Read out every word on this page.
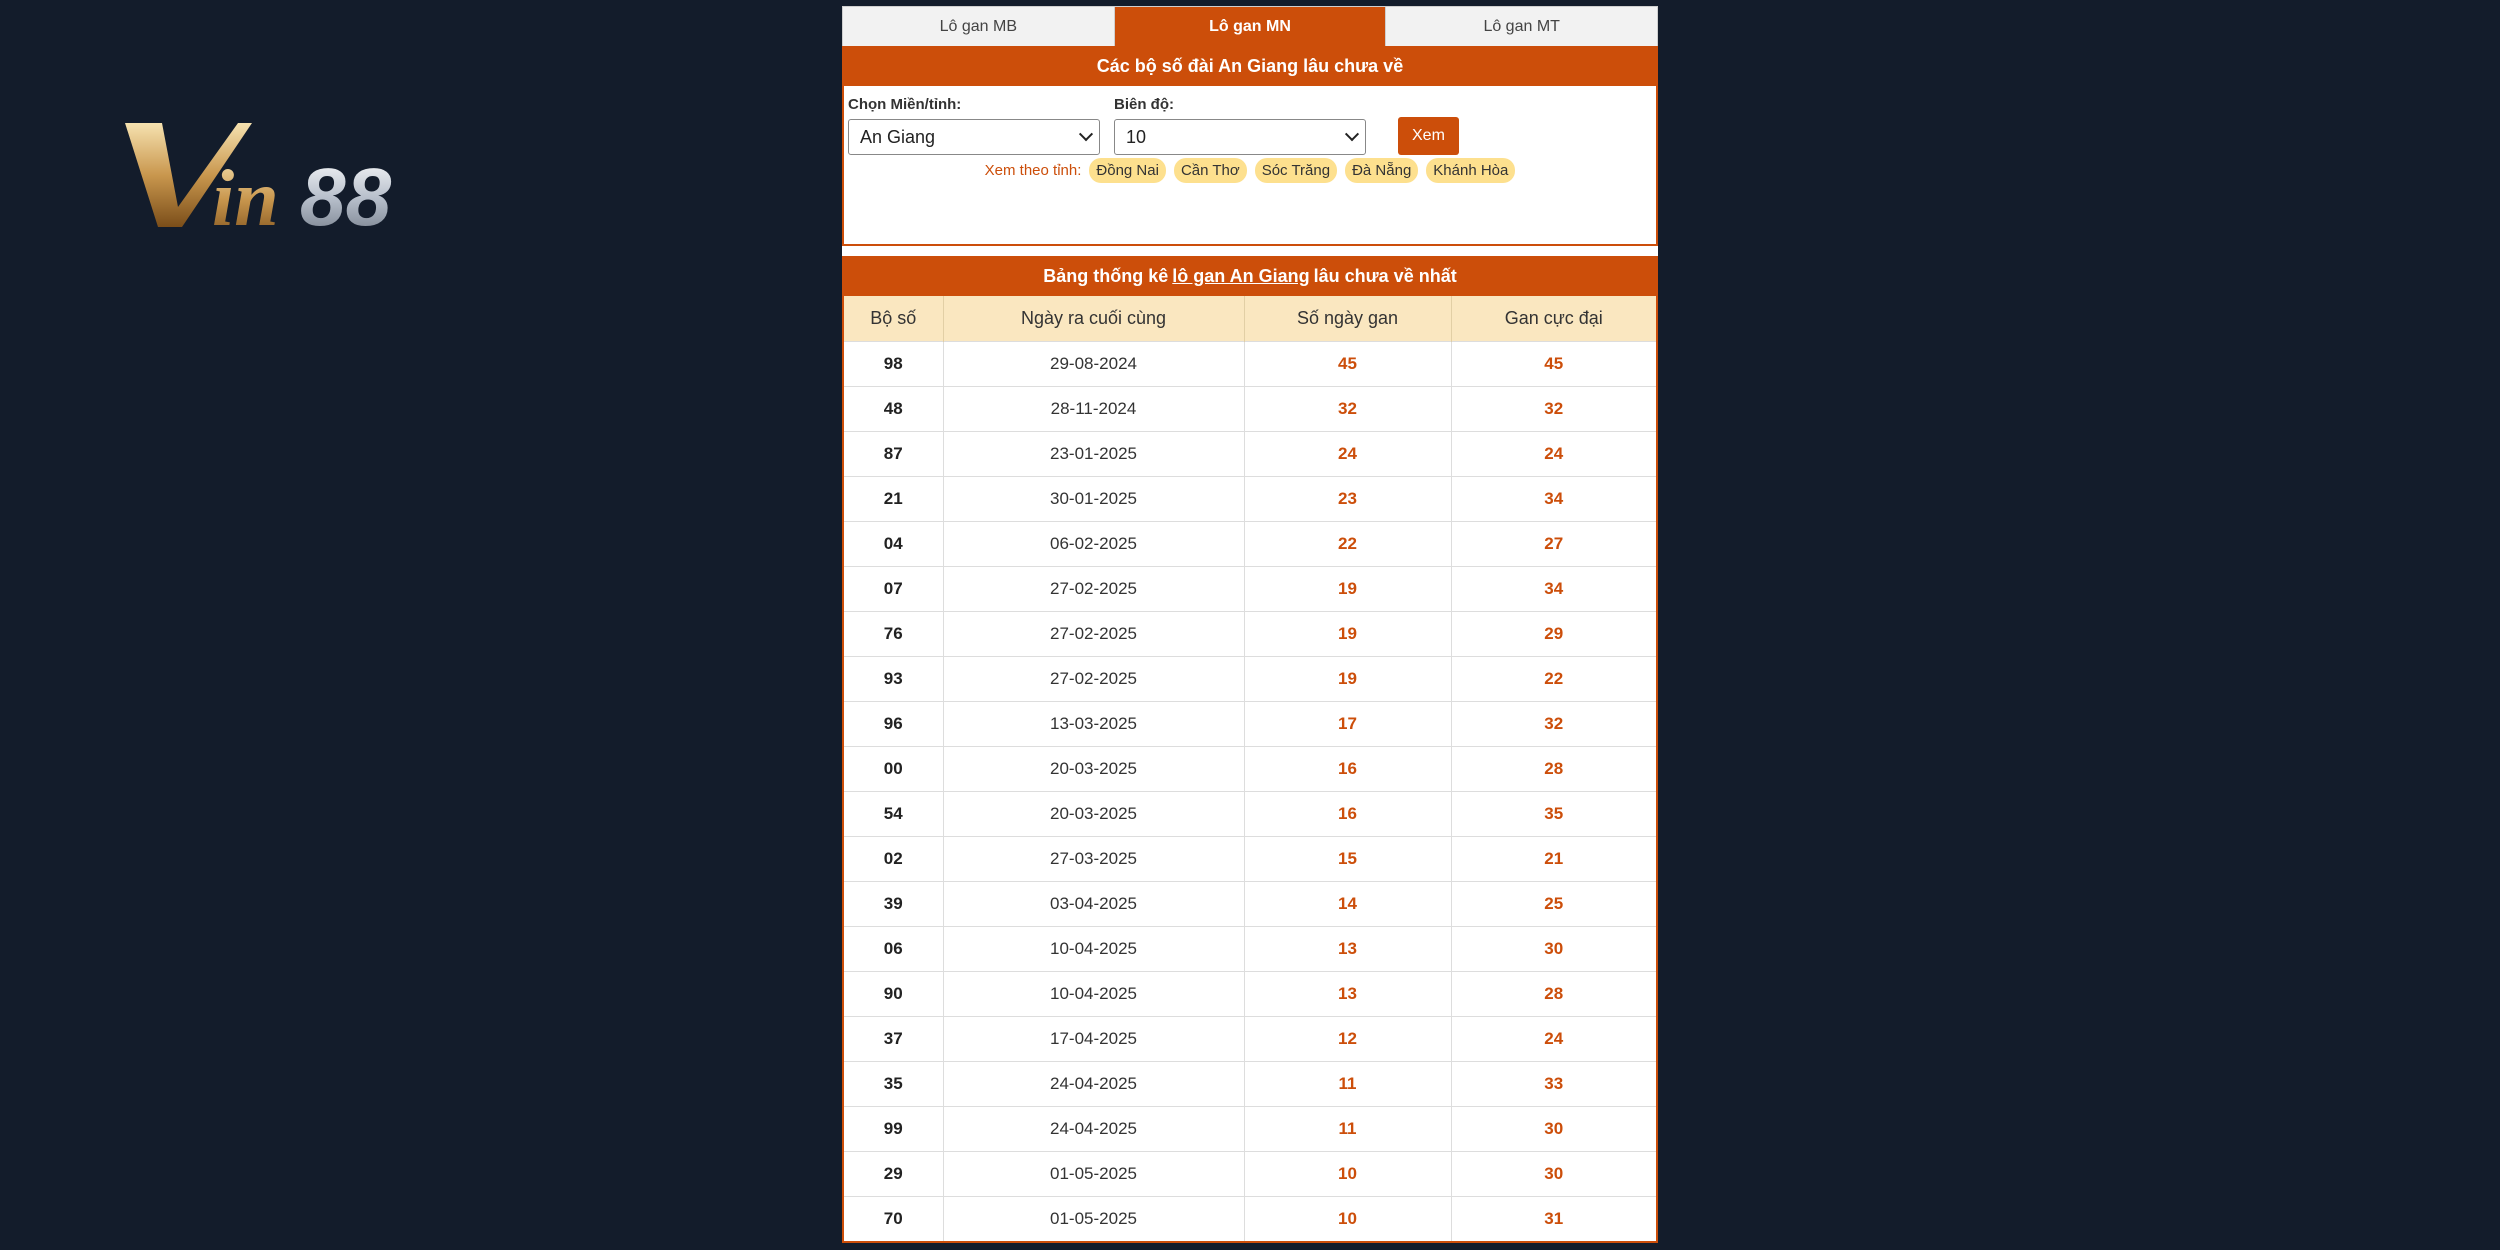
in 88
Lô gan MB	Lô gan MN	Lô gan MT
Các bộ số đài An Giang lâu chưa về
Chọn Miền/tỉnh:
An Giang
Biên độ:
10	Xem
Xem theo tỉnh:	Đồng Nai	Cần Thơ	Sóc Trăng	Đà Nẵng	Khánh Hòa
Bảng thống kê lô gan An Giang lâu chưa về nhất
Bộ số	Ngày ra cuối cùng	Số ngày gan	Gan cực đại
98	29-08-2024	45	45
48	28-11-2024	32	32
87	23-01-2025	24	24
21	30-01-2025	23	34
04	06-02-2025	22	27
07	27-02-2025	19	34
76	27-02-2025	19	29
93	27-02-2025	19	22
96	13-03-2025	17	32
00	20-03-2025	16	28
54	20-03-2025	16	35
02	27-03-2025	15	21
39	03-04-2025	14	25
06	10-04-2025	13	30
90	10-04-2025	13	28
37	17-04-2025	12	24
35	24-04-2025	11	33
99	24-04-2025	11	30
29	01-05-2025	10	30
70	01-05-2025	10	31
